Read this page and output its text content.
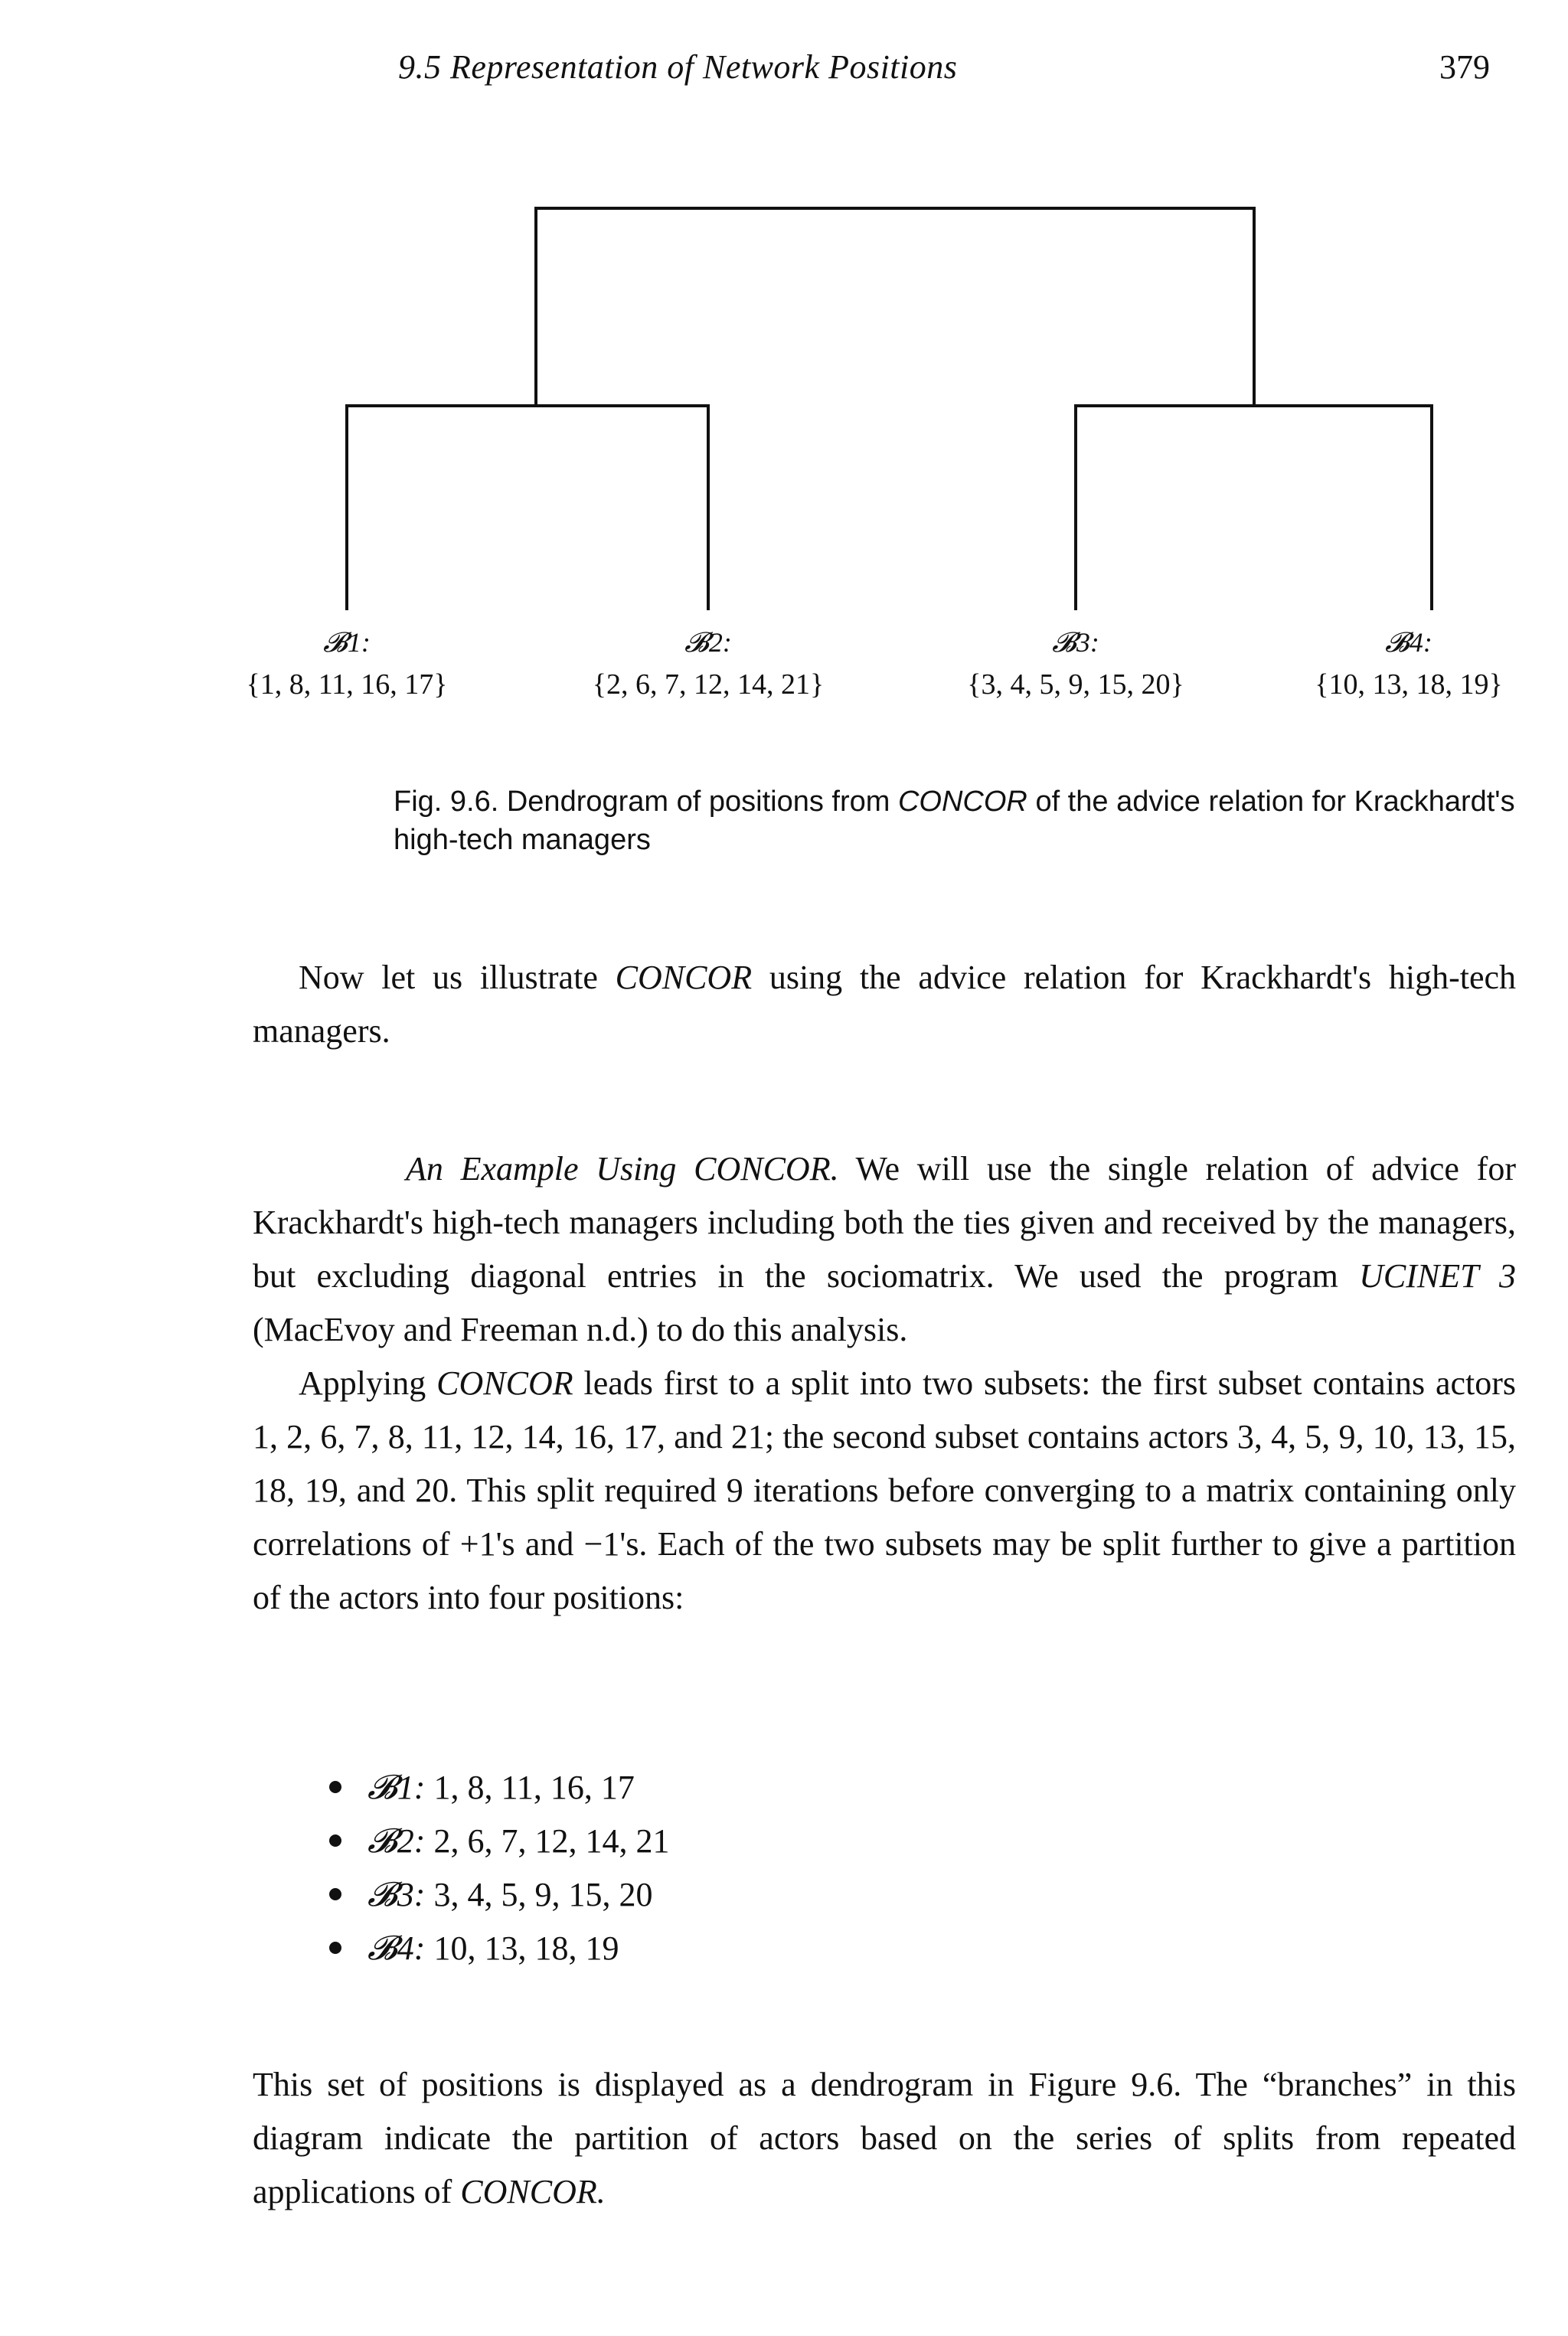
9.5 Representation of Network Positions	379
𝓑1:
{1, 8, 11, 16, 17}
𝓑2:
{2, 6, 7, 12, 14, 21}
𝓑3:
{3, 4, 5, 9, 15, 20}
𝓑4:
{10, 13, 18, 19}
Fig. 9.6. Dendrogram of positions from CONCOR of the advice relation for Krackhardt's high-tech managers

Now let us illustrate CONCOR using the advice relation for Krackhardt's high-tech managers.

An Example Using CONCOR. We will use the single relation of advice for Krackhardt's high-tech managers including both the ties given and received by the managers, but excluding diagonal entries in the sociomatrix. We used the program UCINET 3 (MacEvoy and Freeman n.d.) to do this analysis.

Applying CONCOR leads first to a split into two subsets: the first subset contains actors 1, 2, 6, 7, 8, 11, 12, 14, 16, 17, and 21; the second subset contains actors 3, 4, 5, 9, 10, 13, 15, 18, 19, and 20. This split required 9 iterations before converging to a matrix containing only correlations of +1's and −1's. Each of the two subsets may be split further to give a partition of the actors into four positions:

𝓑1: 1, 8, 11, 16, 17
𝓑2: 2, 6, 7, 12, 14, 21
𝓑3: 3, 4, 5, 9, 15, 20
𝓑4: 10, 13, 18, 19

This set of positions is displayed as a dendrogram in Figure 9.6. The “branches” in this diagram indicate the partition of actors based on the series of splits from repeated applications of CONCOR.
